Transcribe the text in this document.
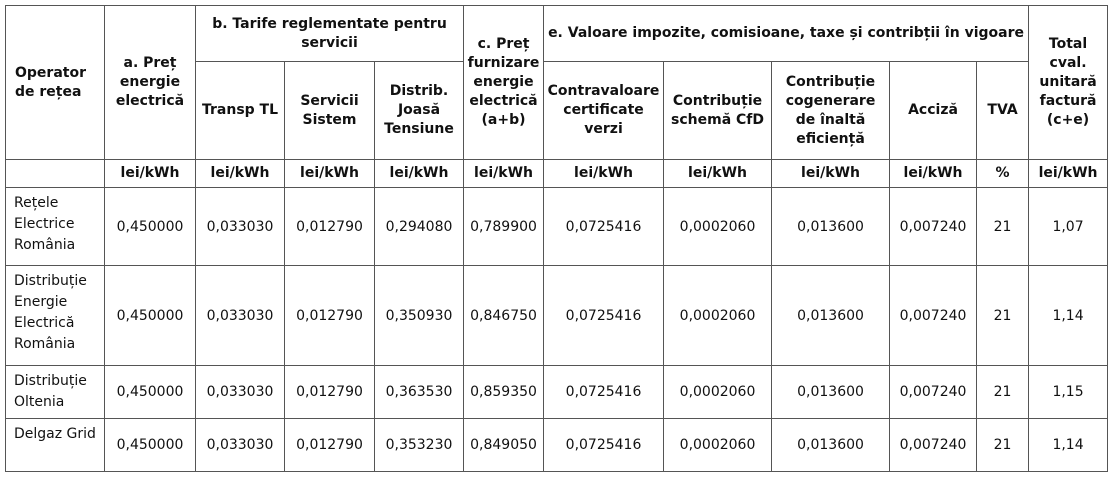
Operator de rețea	a. Preț energie electrică	b. Tarife reglementate pentru servicii			c. Preț furnizare energie electrică (a+b)	e. Valoare impozite, comisioane, taxe și contribții în vigoare					Total cval. unitară factură (c+e)
		Transp TL	Servicii Sistem	Distrib. Joasă Tensiune		Contravaloare certificate verzi	Contribuție schemă CfD	Contribuție cogenerare de înaltă eficiență	Acciză	TVA	
	lei/kWh	lei/kWh	lei/kWh	lei/kWh	lei/kWh	lei/kWh	lei/kWh	lei/kWh	lei/kWh	%	lei/kWh
Rețele Electrice România	0,450000	0,033030	0,012790	0,294080	0,789900	0,0725416	0,0002060	0,013600	0,007240	21	1,07
Distribuție Energie Electrică România	0,450000	0,033030	0,012790	0,350930	0,846750	0,0725416	0,0002060	0,013600	0,007240	21	1,14
Distribuție Oltenia	0,450000	0,033030	0,012790	0,363530	0,859350	0,0725416	0,0002060	0,013600	0,007240	21	1,15
Delgaz Grid	0,450000	0,033030	0,012790	0,353230	0,849050	0,0725416	0,0002060	0,013600	0,007240	21	1,14
